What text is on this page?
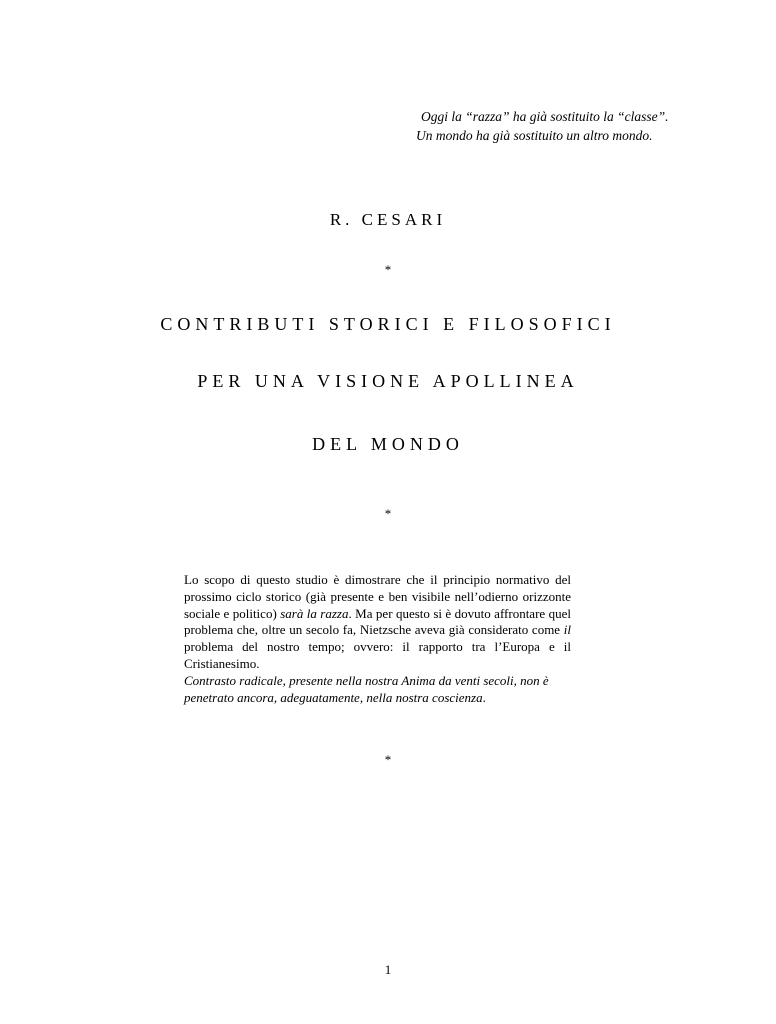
Oggi la “razza” ha già sostituito la “classe”.
Un mondo ha già sostituito un altro mondo.
R. CESARI
*
CONTRIBUTI STORICI E FILOSOFICI
PER UNA VISIONE APOLLINEA
DEL MONDO
*

Lo scopo di questo studio è dimostrare che il principio normativo del prossimo ciclo storico (già presente e ben visibile nell’odierno orizzonte sociale e politico) sarà la razza. Ma per questo si è dovuto affrontare quel problema che, oltre un secolo fa, Nietzsche aveva già considerato come il problema del nostro tempo; ovvero: il rapporto tra l’Europa e il Cristianesimo.

Contrasto radicale, presente nella nostra Anima da venti secoli, non è penetrato ancora, adeguatamente, nella nostra coscienza.

*
1
